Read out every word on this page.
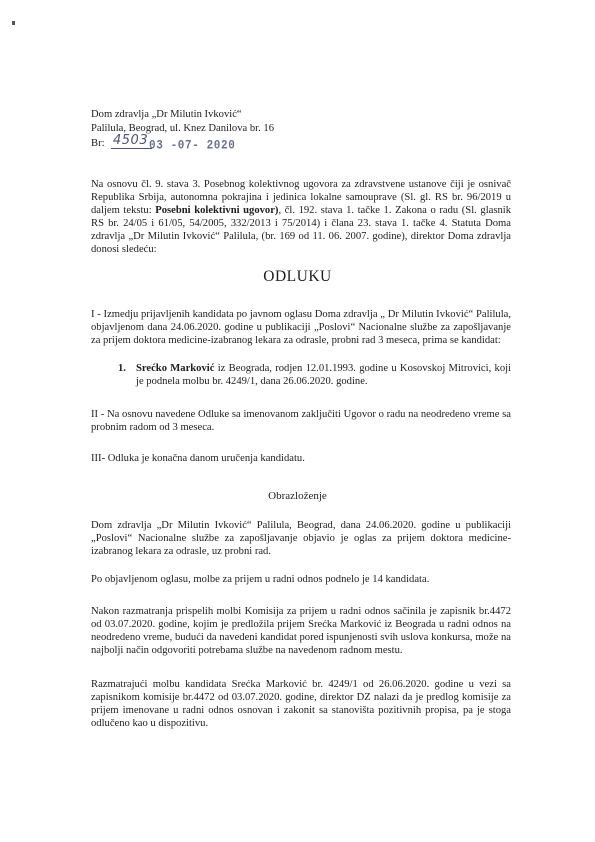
Dom zdravlja „Dr Milutin Ivković“
Palilula, Beograd, ul. Knez Danilova br. 16
Br: 4503 03 -07- 2020
Na osnovu čl. 9. stava 3. Posebnog kolektivnog ugovora za zdravstvene ustanove čiji je osnivač Republika Srbija, autonomna pokrajina i jedinica lokalne samouprave (Sl. gl. RS br. 96/2019 u daljem tekstu: Posebni kolektivni ugovor), čl. 192. stava 1. tačke 1. Zakona o radu (Sl. glasnik RS br. 24/05 i 61/05, 54/2005, 332/2013 i 75/2014) i člana 23. stava 1. tačke 4. Statuta Doma zdravlja „Dr Milutin Ivković“ Palilula, (br. 169 od 11. 06. 2007. godine), direktor Doma zdravlja donosi sledeću:
ODLUKU
I - Izmedju prijavljenih kandidata po javnom oglasu Doma zdravlja „ Dr Milutin Ivković“ Palilula, objavljenom dana 24.06.2020. godine u publikaciji „Poslovi“ Nacionalne službe za zapošljavanje za prijem doktora medicine-izabranog lekara za odrasle, probni rad 3 meseca, prima se kandidat:
1. Srećko Marković iz Beograda, rodjen 12.01.1993. godine u Kosovskoj Mitrovici, koji je podnela molbu br. 4249/1, dana 26.06.2020. godine.
II - Na osnovu navedene Odluke sa imenovanom zaključiti Ugovor o radu na neodredeno vreme sa probnim radom od 3 meseca.
III- Odluka je konačna danom uručenja kandidatu.
Obrazloženje
Dom zdravlja „Dr Milutin Ivković“ Palilula, Beograd, dana 24.06.2020. godine u publikaciji „Poslovi“ Nacionalne službe za zapošljavanje objavio je oglas za prijem doktora medicine-izabranog lekara za odrasle, uz probni rad.
Po objavljenom oglasu, molbe za prijem u radni odnos podnelo je 14 kandidata.
Nakon razmatranja prispelih molbi Komisija za prijem u radni odnos sačinila je zapisnik br.4472 od 03.07.2020. godine, kojim je predložila prijem Srećka Marković iz Beograda u radni odnos na neodredeno vreme, budući da navedeni kandidat pored ispunjenosti svih uslova konkursa, može na najbolji način odgovoriti potrebama službe na navedenom radnom mestu.
Razmatrajući molbu kandidata Srećka Marković br. 4249/1 od 26.06.2020. godine u vezi sa zapisnikom komisije br.4472 od 03.07.2020. godine, direktor DZ nalazi da je predlog komisije za prijem imenovane u radni odnos osnovan i zakonit sa stanovišta pozitivnih propisa, pa je stoga odlučeno kao u dispozitivu.
